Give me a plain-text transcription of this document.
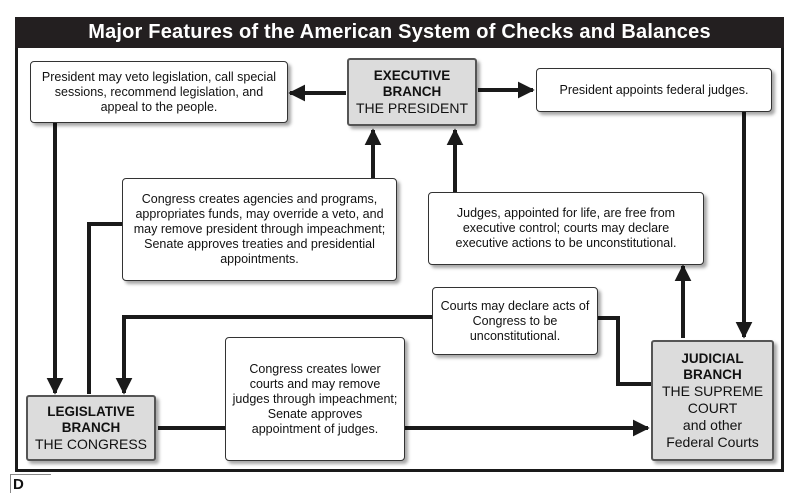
Major Features of the American System of Checks and Balances
President may veto legislation, call special sessions, recommend legislation, and appeal to the people.
EXECUTIVE
BRANCH
THE PRESIDENT
President appoints federal judges.
Congress creates agencies and programs, appropriates funds, may override a veto, and may remove president through impeachment; Senate approves treaties and presidential appointments.
Judges, appointed for life, are free from executive control; courts may declare executive actions to be unconstitutional.
Courts may declare acts of Congress to be unconstitutional.
Congress creates lower courts and may remove judges through impeachment; Senate approves appointment of judges.
LEGISLATIVE
BRANCH
THE CONGRESS
JUDICIAL
BRANCH
THE SUPREME
COURT
and other
Federal Courts
D
